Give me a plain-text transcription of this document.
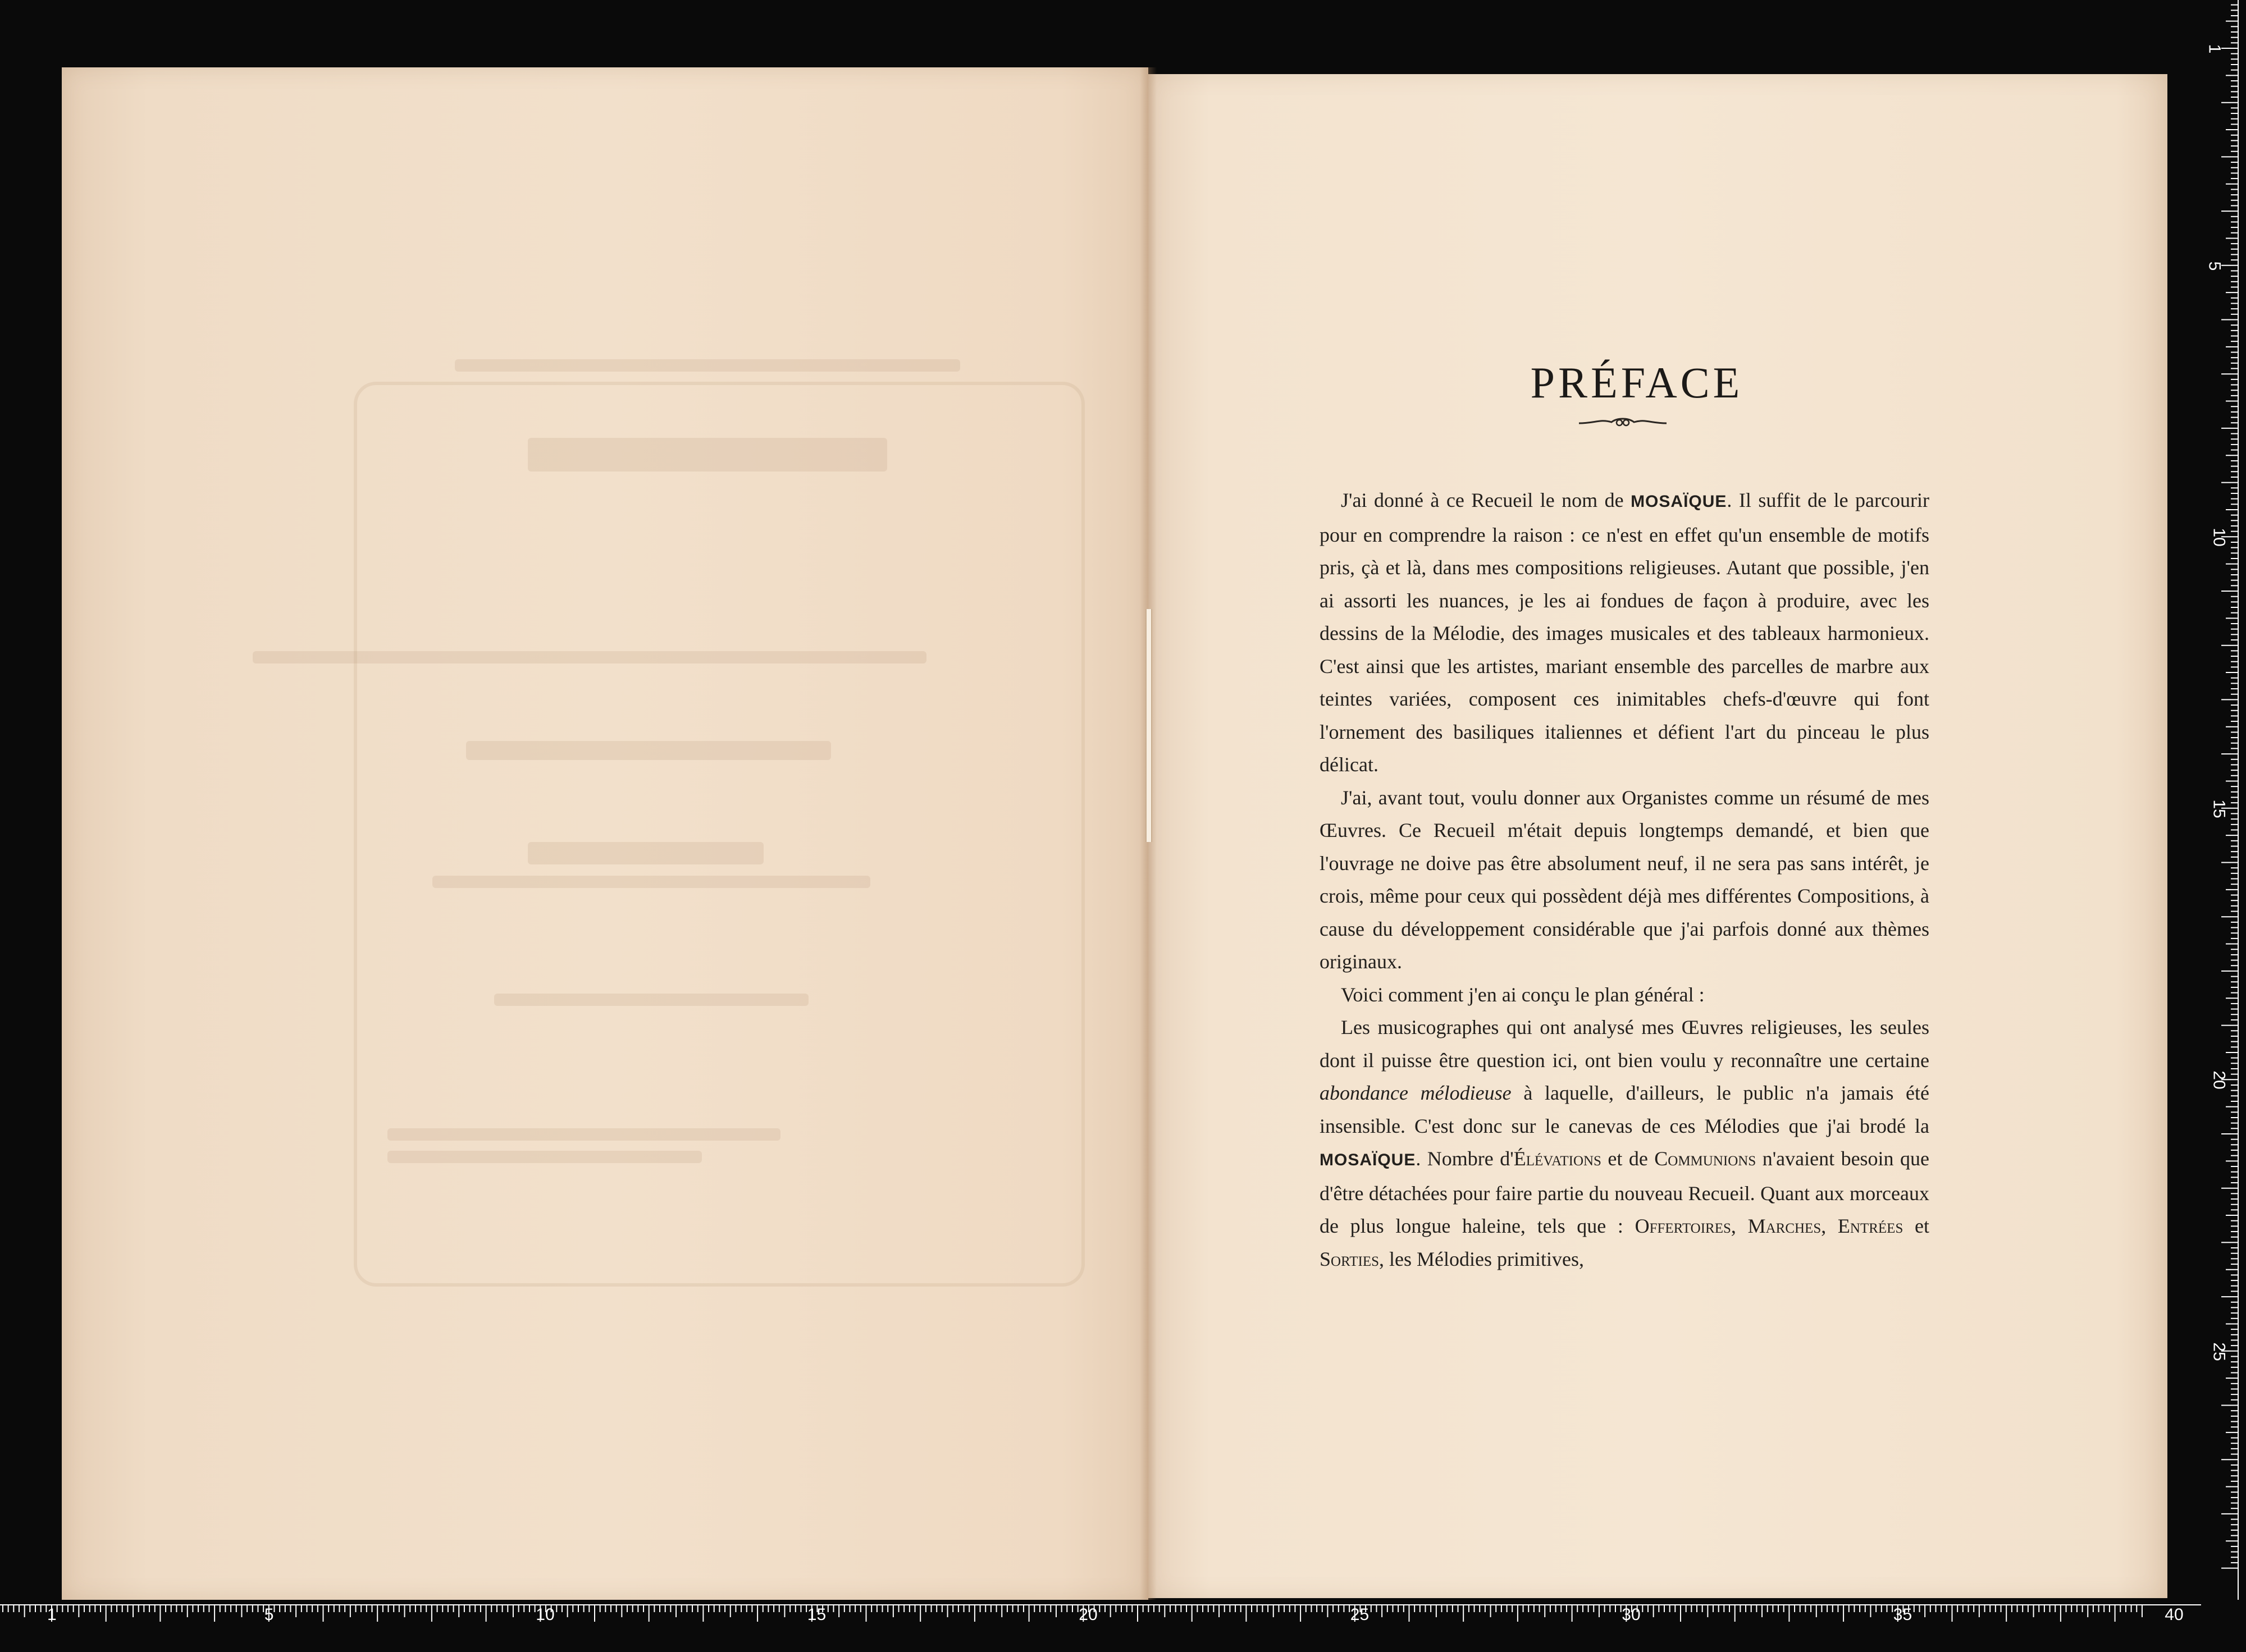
PRÉFACE

J'ai donné à ce Recueil le nom de MOSAÏQUE. Il suffit de le parcourir pour en comprendre la raison : ce n'est en effet qu'un ensemble de motifs pris, çà et là, dans mes compositions religieuses. Autant que possible, j'en ai assorti les nuances, je les ai fondues de façon à produire, avec les dessins de la Mélodie, des images musicales et des tableaux harmonieux. C'est ainsi que les artistes, mariant ensemble des parcelles de marbre aux teintes variées, composent ces inimitables chefs-d'œuvre qui font l'ornement des basiliques italiennes et défient l'art du pinceau le plus délicat.

J'ai, avant tout, voulu donner aux Organistes comme un résumé de mes Œuvres. Ce Recueil m'était depuis longtemps demandé, et bien que l'ouvrage ne doive pas être absolument neuf, il ne sera pas sans intérêt, je crois, même pour ceux qui possèdent déjà mes différentes Compositions, à cause du développement considérable que j'ai parfois donné aux thèmes originaux.

Voici comment j'en ai conçu le plan général :

Les musicographes qui ont analysé mes Œuvres religieuses, les seules dont il puisse être question ici, ont bien voulu y reconnaître une certaine abondance mélodieuse à laquelle, d'ailleurs, le public n'a jamais été insensible. C'est donc sur le canevas de ces Mélodies que j'ai brodé la MOSAÏQUE. Nombre d'Élévations et de Communions n'avaient besoin que d'être détachées pour faire partie du nouveau Recueil. Quant aux morceaux de plus longue haleine, tels que : Offertoires, Marches, Entrées et Sorties, les Mélodies primitives,

1	5	10	15	20	25	30	35	40
1
5
10
15
20
25
